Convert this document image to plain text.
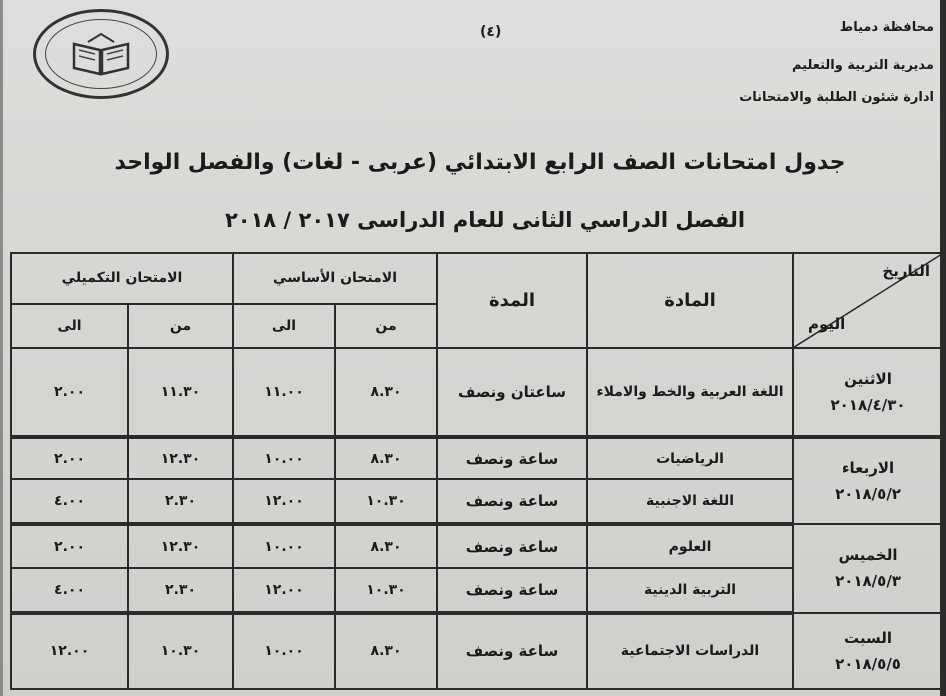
(٤)	محافظة دمياط
مديرية التربية والتعليم
ادارة شئون الطلبة والامتحانات
جدول امتحانات الصف الرابع الابتدائي (عربى - لغات) والفصل الواحد
الفصل الدراسي الثانى للعام الدراسى ٢٠١٧ / ٢٠١٨
التاريخ
اليوم	المادة	المدة	الامتحان الأساسي		الامتحان التكميلي	
			من	الى	من	الى

الاثنين
٢٠١٨/٤/٣٠	اللغة العربية والخط والاملاء	ساعتان ونصف	٨.٣٠	١١.٠٠	١١.٣٠	٢.٠٠

الاربعاء
٢٠١٨/٥/٢	الرياضيات	ساعة ونصف	٨.٣٠	١٠.٠٠	١٢.٣٠	٢.٠٠
	اللغة الاجنبية	ساعة ونصف	١٠.٣٠	١٢.٠٠	٢.٣٠	٤.٠٠

الخميس
٢٠١٨/٥/٣	العلوم	ساعة ونصف	٨.٣٠	١٠.٠٠	١٢.٣٠	٢.٠٠
	التربية الدينية	ساعة ونصف	١٠.٣٠	١٢.٠٠	٢.٣٠	٤.٠٠

السبت
٢٠١٨/٥/٥	الدراسات الاجتماعية	ساعة ونصف	٨.٣٠	١٠.٠٠	١٠.٣٠	١٢.٠٠
